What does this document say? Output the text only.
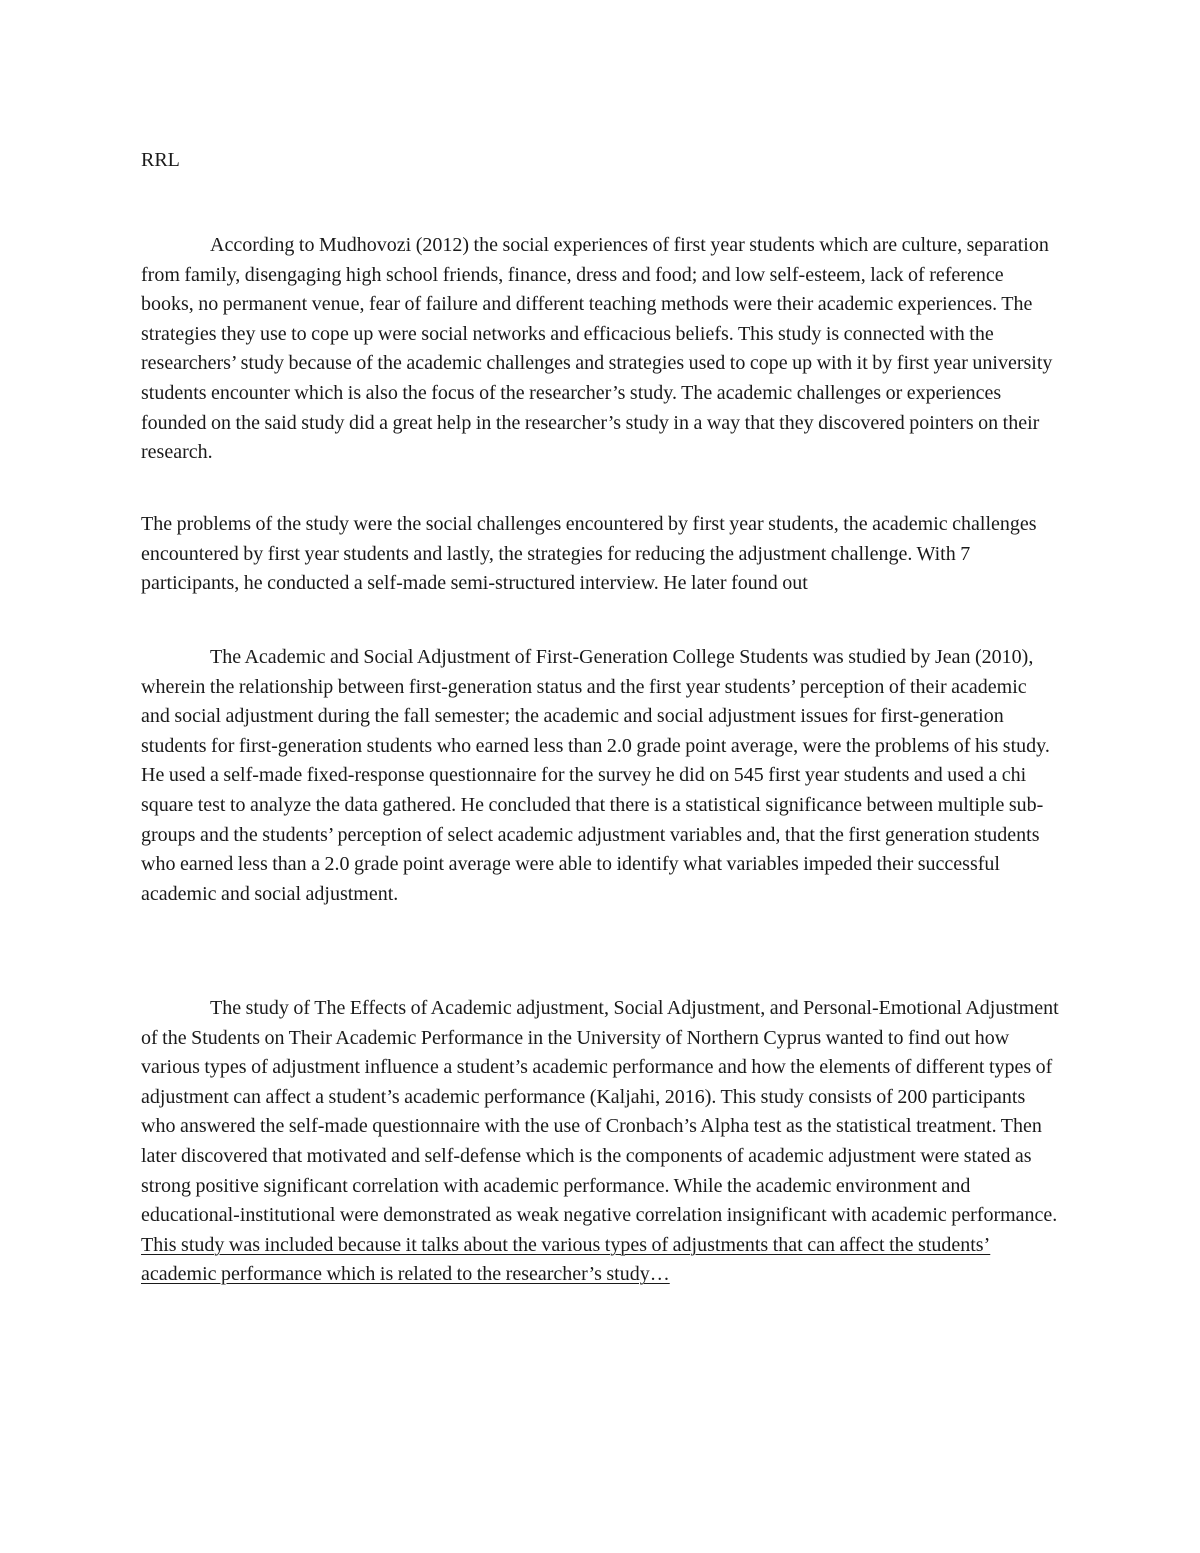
RRL

According to Mudhovozi (2012) the social experiences of first year students which are culture, separation from family, disengaging high school friends, finance, dress and food; and low self-esteem, lack of reference books, no permanent venue, fear of failure and different teaching methods were their academic experiences. The strategies they use to cope up were social networks and efficacious beliefs. This study is connected with the researchers’ study because of the academic challenges and strategies used to cope up with it by first year university students encounter which is also the focus of the researcher’s study. The academic challenges or experiences founded on the said study did a great help in the researcher’s study in a way that they discovered pointers on their research.

The problems of the study were the social challenges encountered by first year students, the academic challenges encountered by first year students and lastly, the strategies for reducing the adjustment challenge. With 7 participants, he conducted a self-made semi-structured interview. He later found out

The Academic and Social Adjustment of First-Generation College Students was studied by Jean (2010), wherein the relationship between first-generation status and the first year students’ perception of their academic and social adjustment during the fall semester; the academic and social adjustment issues for first-generation students for first-generation students who earned less than 2.0 grade point average, were the problems of his study. He used a self-made fixed-response questionnaire for the survey he did on 545 first year students and used a chi square test to analyze the data gathered. He concluded that there is a statistical significance between multiple sub-groups and the students’ perception of select academic adjustment variables and, that the first generation students who earned less than a 2.0 grade point average were able to identify what variables impeded their successful academic and social adjustment.

The study of The Effects of Academic adjustment, Social Adjustment, and Personal-Emotional Adjustment of the Students on Their Academic Performance in the University of Northern Cyprus wanted to find out how various types of adjustment influence a student’s academic performance and how the elements of different types of adjustment can affect a student’s academic performance (Kaljahi, 2016). This study consists of 200 participants who answered the self-made questionnaire with the use of Cronbach’s Alpha test as the statistical treatment. Then later discovered that motivated and self-defense which is the components of academic adjustment were stated as strong positive significant correlation with academic performance. While the academic environment and educational-institutional were demonstrated as weak negative correlation insignificant with academic performance. This study was included because it talks about the various types of adjustments that can affect the students’ academic performance which is related to the researcher’s study…
